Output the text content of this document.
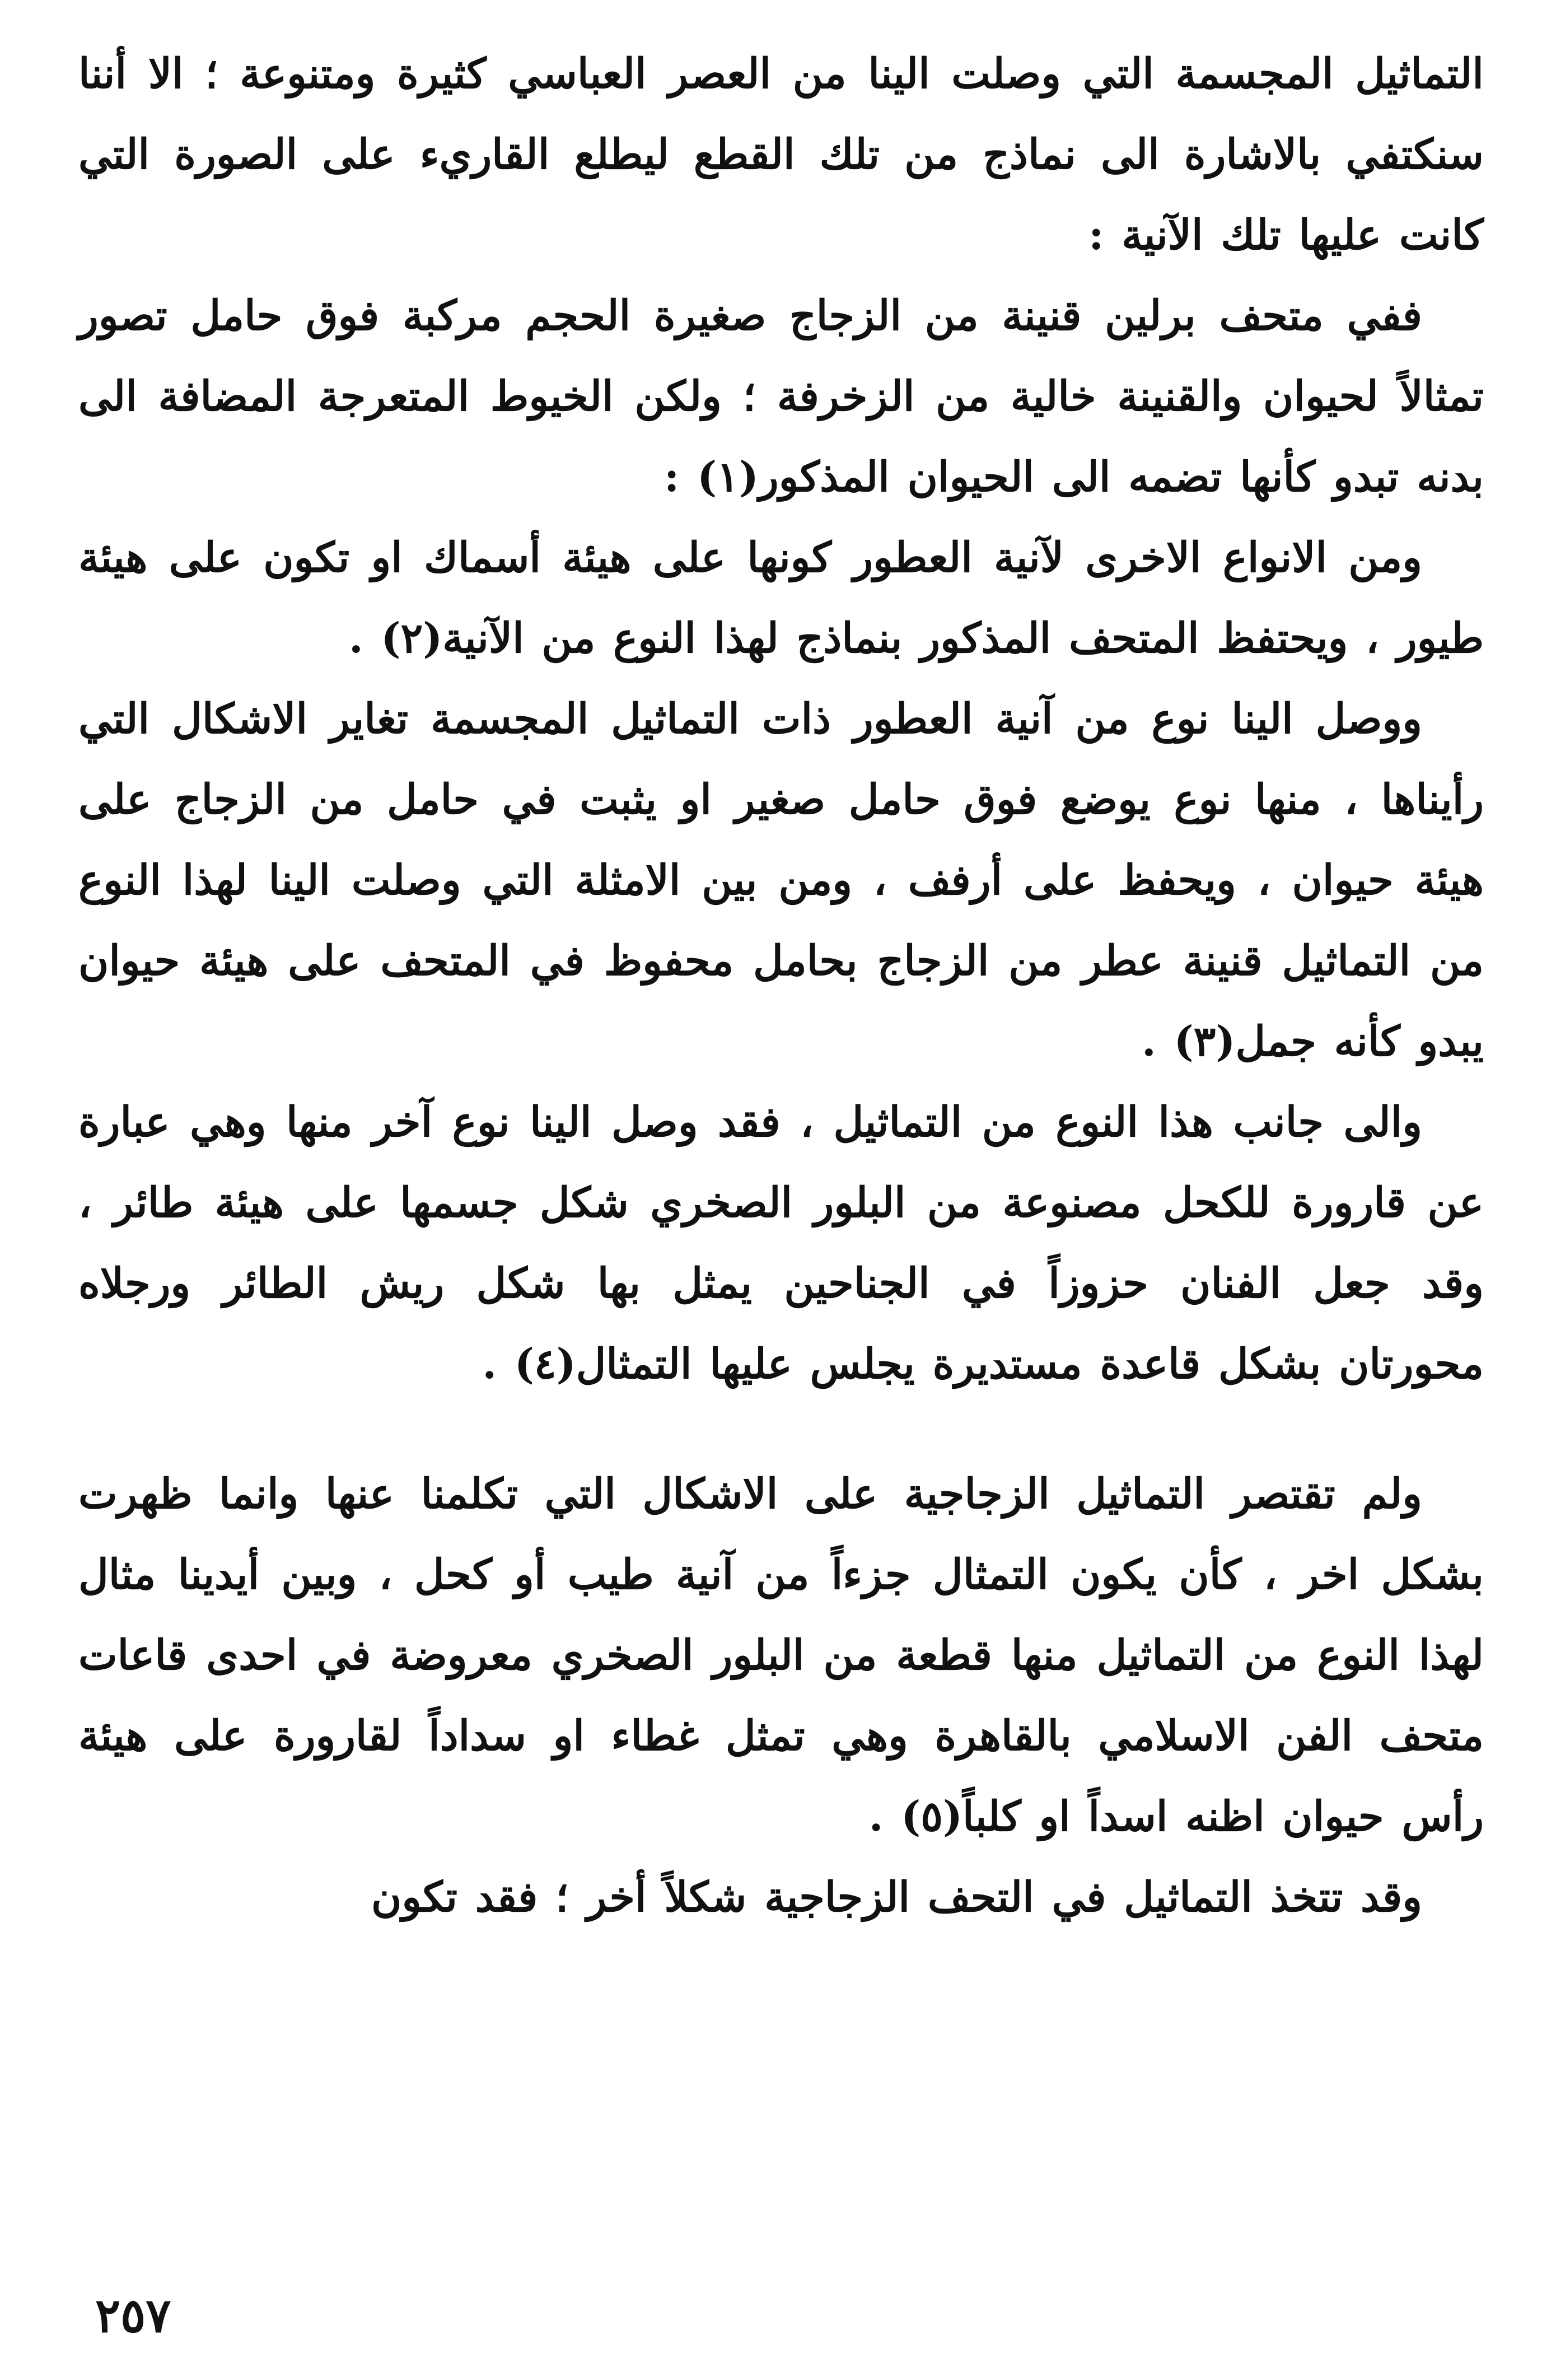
التماثيل المجسمة التي وصلت الينا من العصر العباسي كثيرة ومتنوعة ؛ الا أننا سنكتفي بالاشارة الى نماذج من تلك القطع ليطلع القاريء على الصورة التي كانت عليها تلك الآنية :

ففي متحف برلين قنينة من الزجاج صغيرة الحجم مركبة فوق حامل تصور تمثالاً لحيوان والقنينة خالية من الزخرفة ؛ ولكن الخيوط المتعرجة المضافة الى بدنه تبدو كأنها تضمه الى الحيوان المذكور(١) :

ومن الانواع الاخرى لآنية العطور كونها على هيئة أسماك او تكون على هيئة طيور ، ويحتفظ المتحف المذكور بنماذج لهذا النوع من الآنية(٢) .

ووصل الينا نوع من آنية العطور ذات التماثيل المجسمة تغاير الاشكال التي رأيناها ، منها نوع يوضع فوق حامل صغير او يثبت في حامل من الزجاج على هيئة حيوان ، ويحفظ على أرفف ، ومن بين الامثلة التي وصلت الينا لهذا النوع من التماثيل قنينة عطر من الزجاج بحامل محفوظ في المتحف على هيئة حيوان يبدو كأنه جمل(٣) .

والى جانب هذا النوع من التماثيل ، فقد وصل الينا نوع آخر منها وهي عبارة عن قارورة للكحل مصنوعة من البلور الصخري شكل جسمها على هيئة طائر ، وقد جعل الفنان حزوزاً في الجناحين يمثل بها شكل ريش الطائر ورجلاه محورتان بشكل قاعدة مستديرة يجلس عليها التمثال(٤) .

ولم تقتصر التماثيل الزجاجية على الاشكال التي تكلمنا عنها وانما ظهرت بشكل اخر ، كأن يكون التمثال جزءاً من آنية طيب أو كحل ، وبين أيدينا مثال لهذا النوع من التماثيل منها قطعة من البلور الصخري معروضة في احدى قاعات متحف الفن الاسلامي بالقاهرة وهي تمثل غطاء او سداداً لقارورة على هيئة رأس حيوان اظنه اسداً او كلباً(٥) .

وقد تتخذ التماثيل في التحف الزجاجية شكلاً أخر ؛ فقد تكون

٢٥٧
